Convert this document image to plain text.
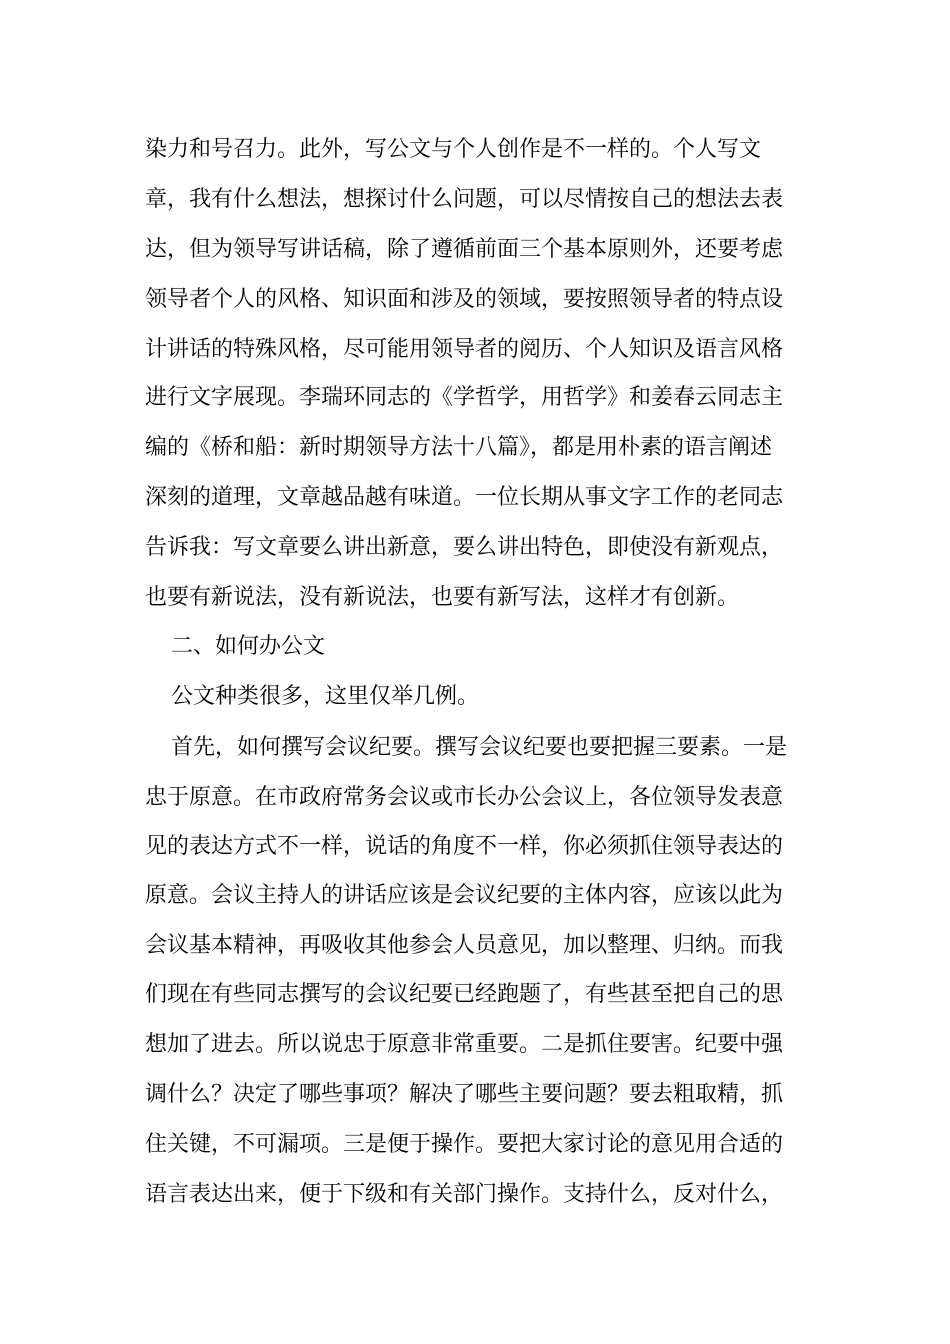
染力和号召力。此外，写公文与个人创作是不一样的。个人写文
章，我有什么想法，想探讨什么问题，可以尽情按自己的想法去表
达，但为领导写讲话稿，除了遵循前面三个基本原则外，还要考虑
领导者个人的风格、知识面和涉及的领域，要按照领导者的特点设
计讲话的特殊风格，尽可能用领导者的阅历、个人知识及语言风格
进行文字展现。李瑞环同志的《学哲学，用哲学》和姜春云同志主
编的《桥和船：新时期领导方法十八篇》，都是用朴素的语言阐述
深刻的道理，文章越品越有味道。一位长期从事文字工作的老同志
告诉我：写文章要么讲出新意，要么讲出特色，即使没有新观点，
也要有新说法，没有新说法，也要有新写法，这样才有创新。
二、如何办公文
公文种类很多，这里仅举几例。
首先，如何撰写会议纪要。撰写会议纪要也要把握三要素。一是
忠于原意。在市政府常务会议或市长办公会议上，各位领导发表意
见的表达方式不一样，说话的角度不一样，你必须抓住领导表达的
原意。会议主持人的讲话应该是会议纪要的主体内容，应该以此为
会议基本精神，再吸收其他参会人员意见，加以整理、归纳。而我
们现在有些同志撰写的会议纪要已经跑题了，有些甚至把自己的思
想加了进去。所以说忠于原意非常重要。二是抓住要害。纪要中强
调什么？决定了哪些事项？解决了哪些主要问题？要去粗取精，抓
住关键，不可漏项。三是便于操作。要把大家讨论的意见用合适的
语言表达出来，便于下级和有关部门操作。支持什么，反对什么，
